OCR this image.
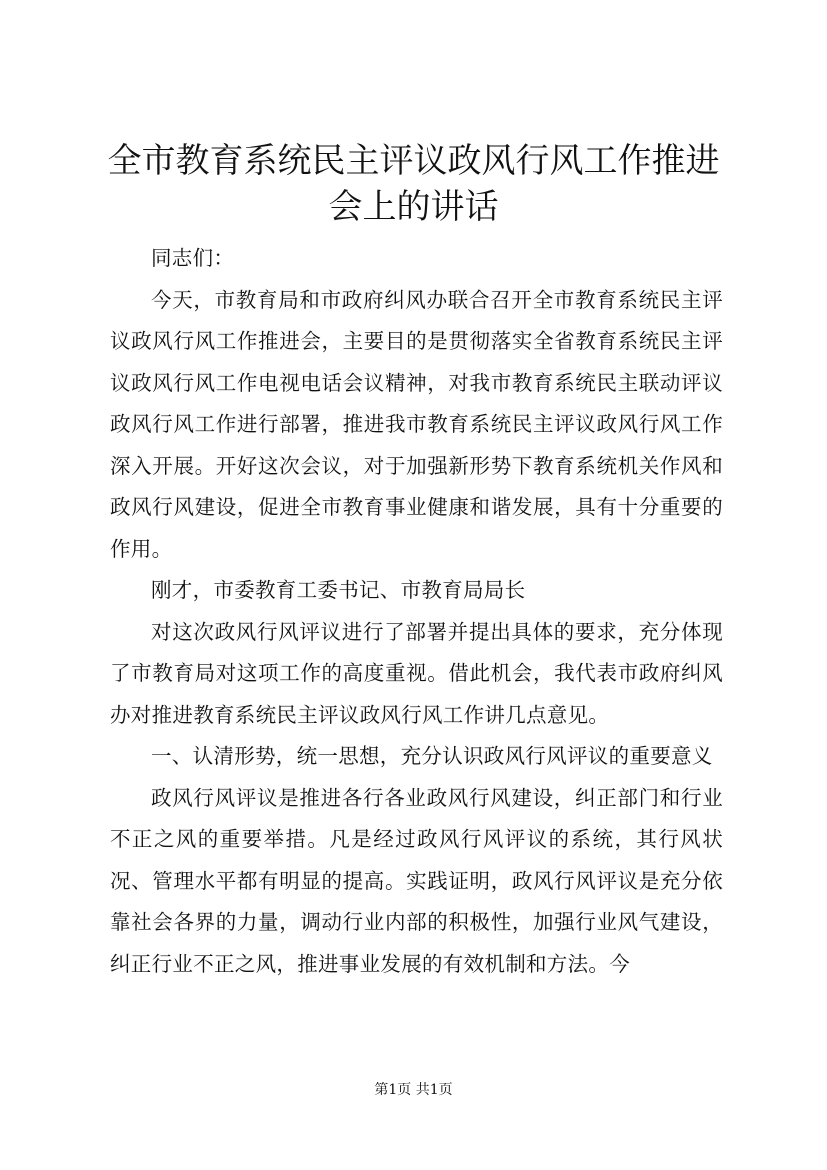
全市教育系统民主评议政风行风工作推进会上的讲话

同志们：

今天，市教育局和市政府纠风办联合召开全市教育系统民主评议政风行风工作推进会，主要目的是贯彻落实全省教育系统民主评议政风行风工作电视电话会议精神，对我市教育系统民主联动评议政风行风工作进行部署，推进我市教育系统民主评议政风行风工作深入开展。开好这次会议，对于加强新形势下教育系统机关作风和政风行风建设，促进全市教育事业健康和谐发展，具有十分重要的作用。

刚才，市委教育工委书记、市教育局局长

对这次政风行风评议进行了部署并提出具体的要求，充分体现了市教育局对这项工作的高度重视。借此机会，我代表市政府纠风办对推进教育系统民主评议政风行风工作讲几点意见。

一、认清形势，统一思想，充分认识政风行风评议的重要意义

政风行风评议是推进各行各业政风行风建设，纠正部门和行业不正之风的重要举措。凡是经过政风行风评议的系统，其行风状况、管理水平都有明显的提高。实践证明，政风行风评议是充分依靠社会各界的力量，调动行业内部的积极性，加强行业风气建设，纠正行业不正之风，推进事业发展的有效机制和方法。今

第1页 共1页
